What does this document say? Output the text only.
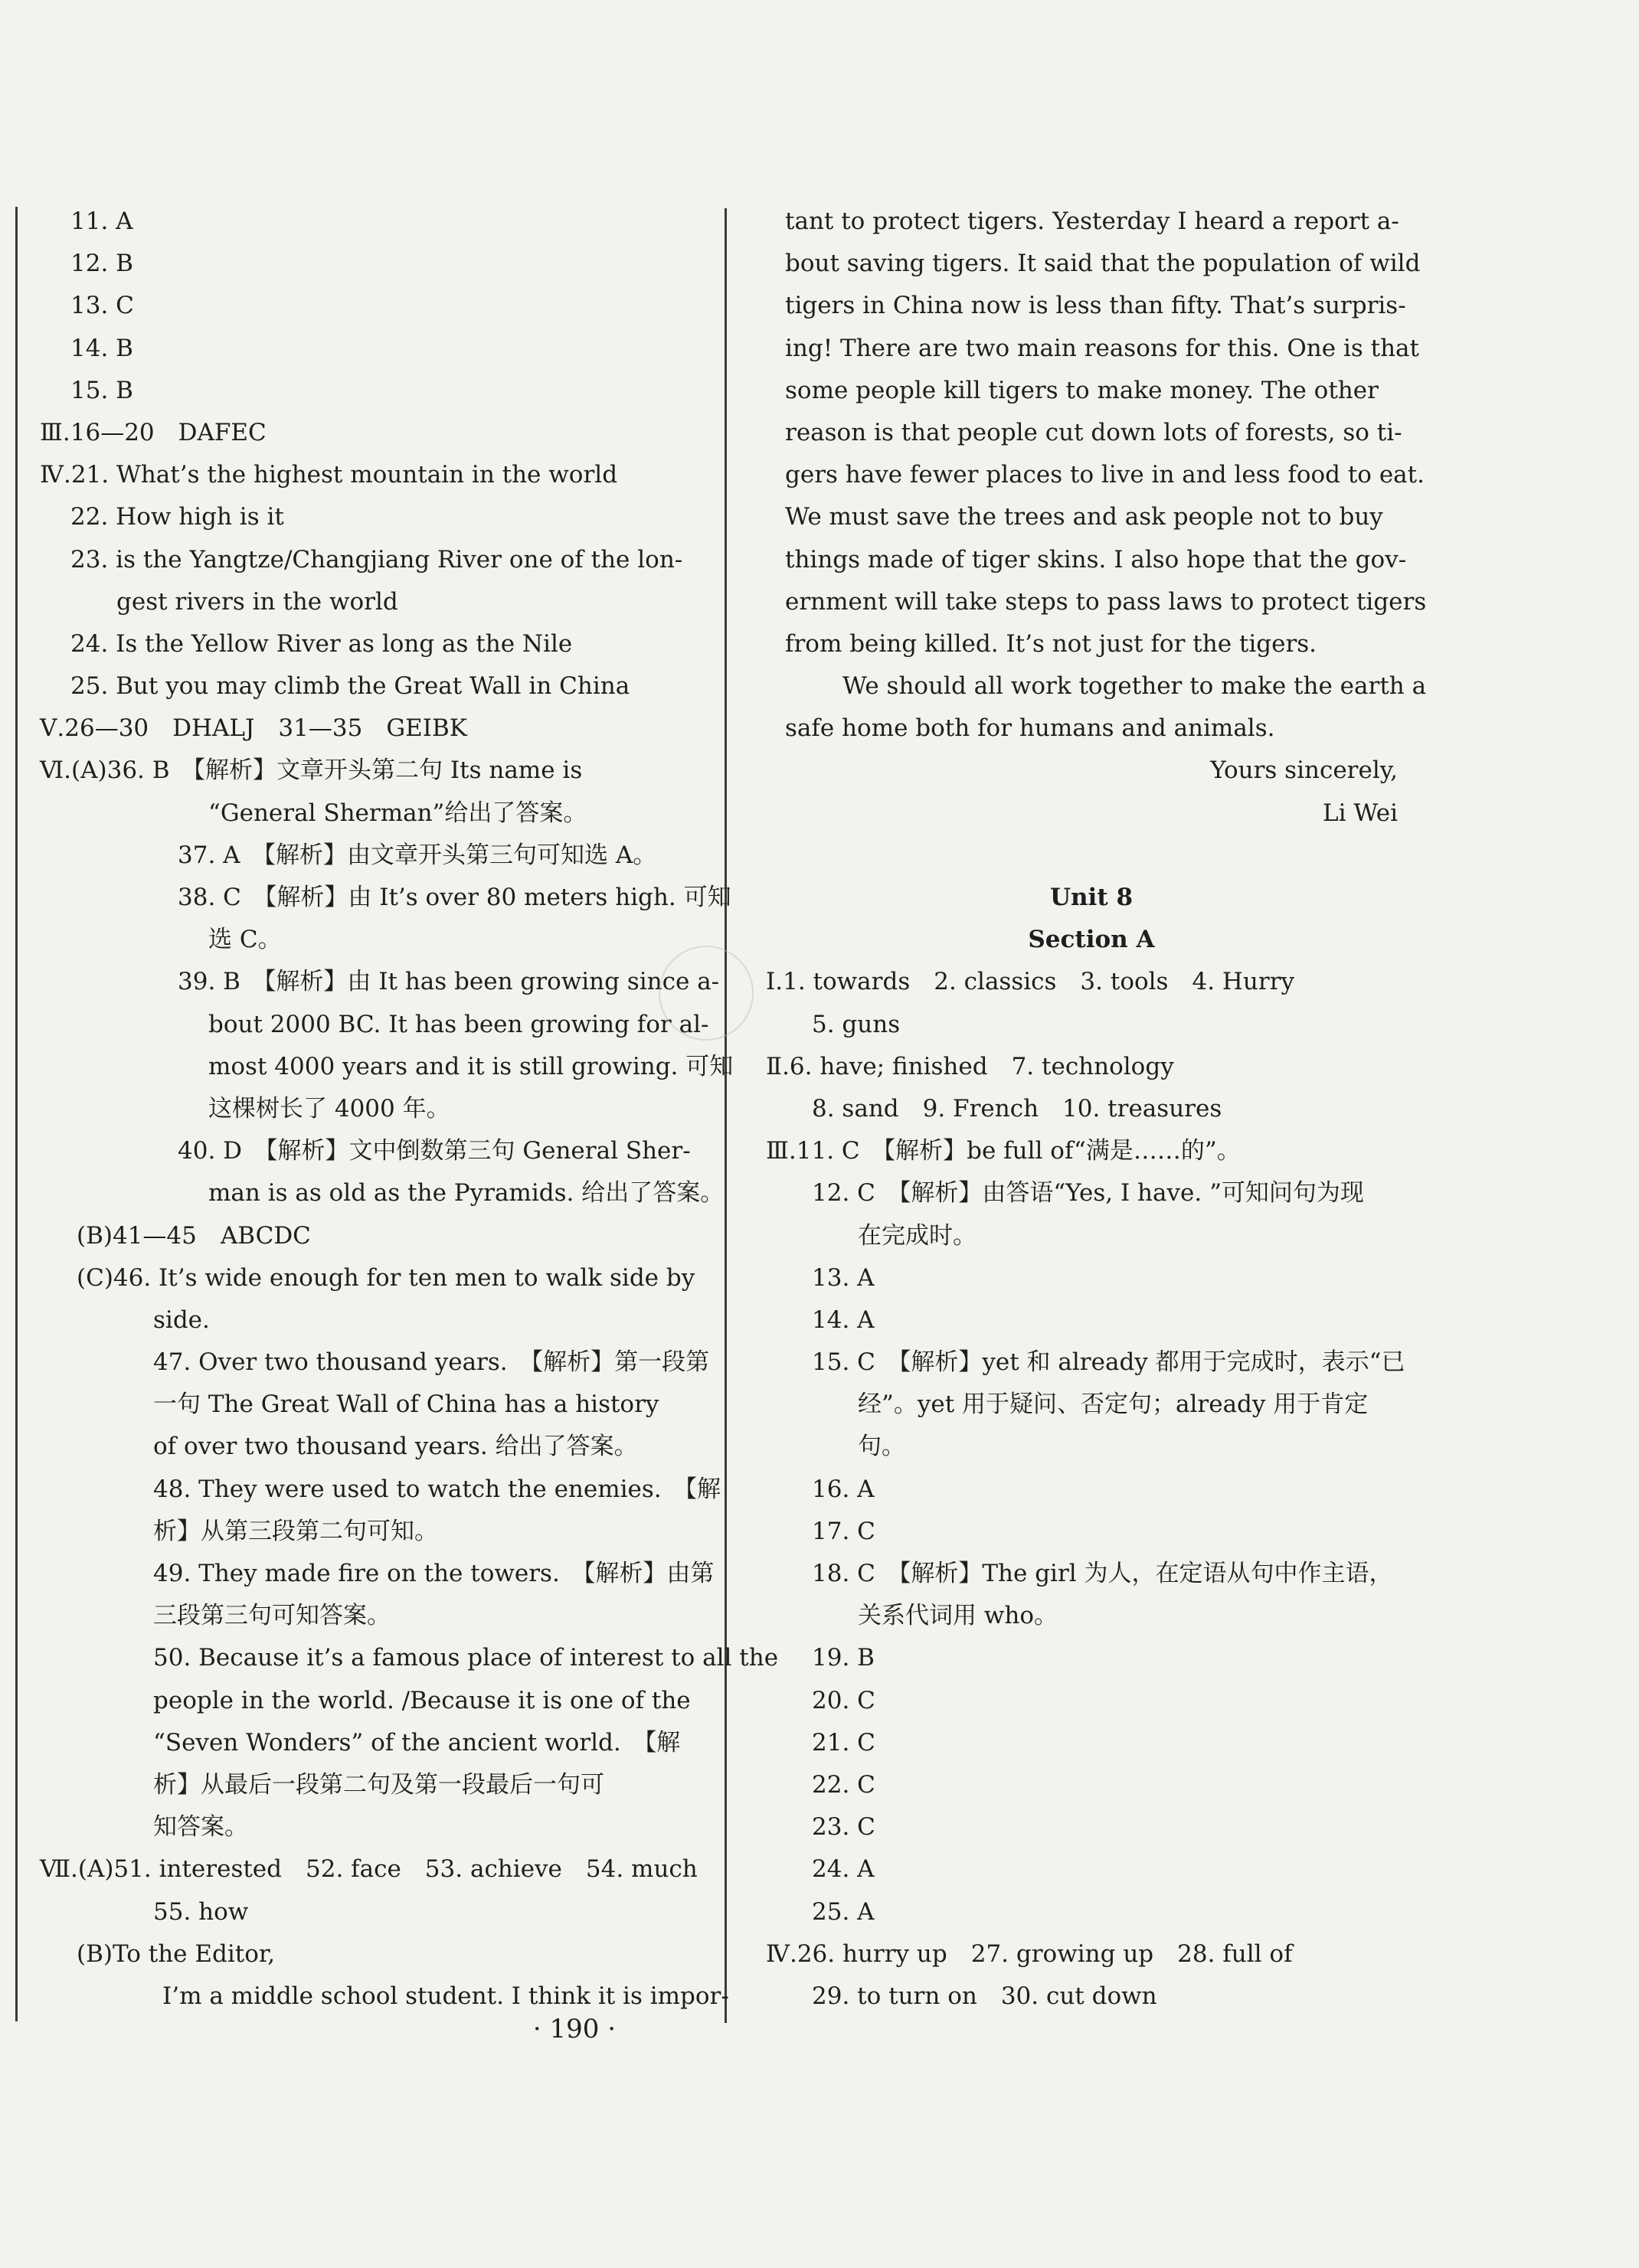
11. A
12. B
13. C
14. B
15. B
Ⅲ.16—20　DAFEC
Ⅳ.21. What’s the highest mountain in the world
22. How high is it
23. is the Yangtze/Changjiang River one of the lon-
gest rivers in the world
24. Is the Yellow River as long as the Nile
25. But you may climb the Great Wall in China
Ⅴ.26—30　DHALJ　31—35　GEIBK
Ⅵ.(A)36. B　【解析】文章开头第二句 Its name is
“General Sherman”给出了答案。
37. A　【解析】由文章开头第三句可知选 A。
38. C　【解析】由 It’s over 80 meters high. 可知
选 C。
39. B　【解析】由 It has been growing since a-
bout 2000 BC. It has been growing for al-
most 4000 years and it is still growing. 可知
这棵树长了 4000 年。
40. D　【解析】文中倒数第三句 General Sher-
man is as old as the Pyramids. 给出了答案。
(B)41—45　ABCDC
(C)46. It’s wide enough for ten men to walk side by
side.
47. Over two thousand years.　【解析】第一段第
一句 The Great Wall of China has a history
of over two thousand years. 给出了答案。
48. They were used to watch the enemies.　【解
析】从第三段第二句可知。
49. They made fire on the towers.　【解析】由第
三段第三句可知答案。
50. Because it’s a famous place of interest to all the
people in the world. /Because it is one of the
“Seven Wonders” of the ancient world.　【解
析】从最后一段第二句及第一段最后一句可
知答案。
Ⅶ.(A)51. interested　52. face　53. achieve　54. much
55. how
(B)To the Editor,
I’m a middle school student. I think it is impor-
tant to protect tigers. Yesterday I heard a report a-
bout saving tigers. It said that the population of wild
tigers in China now is less than fifty. That’s surpris-
ing! There are two main reasons for this. One is that
some people kill tigers to make money. The other
reason is that people cut down lots of forests, so ti-
gers have fewer places to live in and less food to eat.
We must save the trees and ask people not to buy
things made of tiger skins. I also hope that the gov-
ernment will take steps to pass laws to protect tigers
from being killed. It’s not just for the tigers.
We should all work together to make the earth a
safe home both for humans and animals.
Yours sincerely,
Li Wei
Unit 8
Section A
Ⅰ.1. towards　2. classics　3. tools　4. Hurry
5. guns
Ⅱ.6. have; finished　7. technology
8. sand　9. French　10. treasures
Ⅲ.11. C　【解析】be full of“满是……的”。
12. C　【解析】由答语“Yes, I have. ”可知问句为现
在完成时。
13. A
14. A
15. C　【解析】yet 和 already 都用于完成时，表示“已
经”。yet 用于疑问、否定句；already 用于肯定
句。
16. A
17. C
18. C　【解析】The girl 为人，在定语从句中作主语，
关系代词用 who。
19. B
20. C
21. C
22. C
23. C
24. A
25. A
Ⅳ.26. hurry up　27. growing up　28. full of
29. to turn on　30. cut down
· 190 ·
